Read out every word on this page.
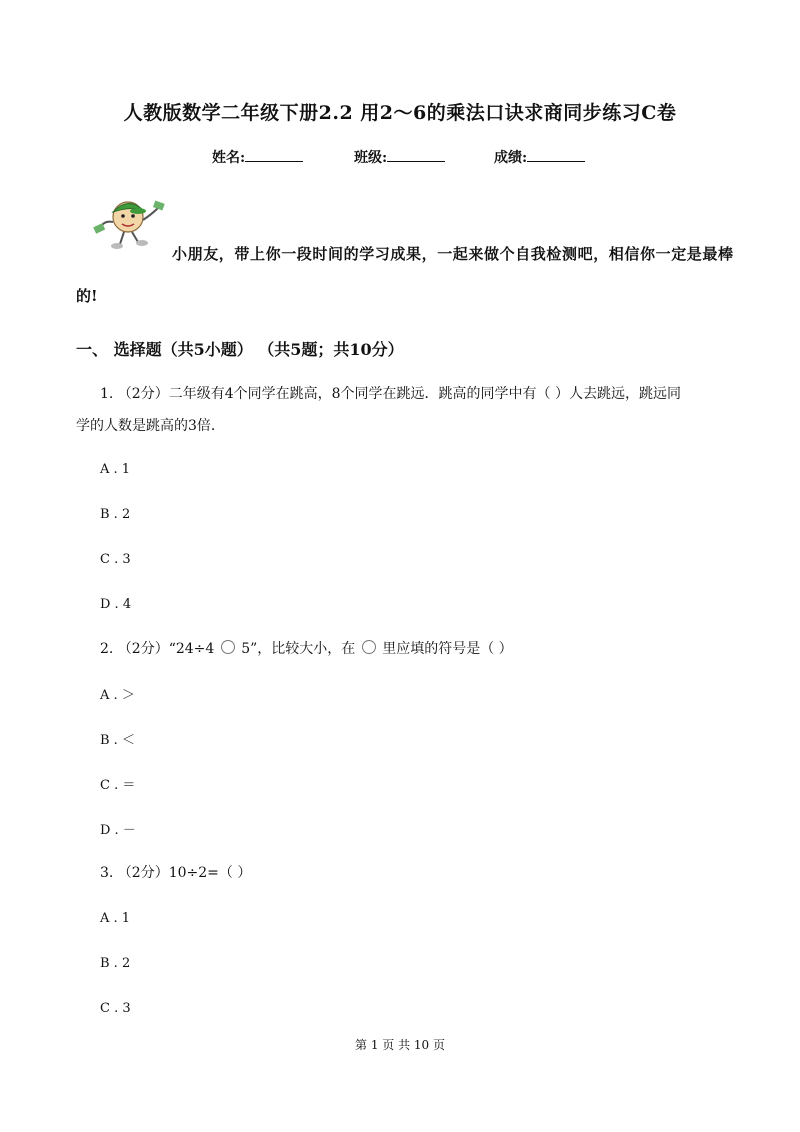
人教版数学二年级下册2.2 用2～6的乘法口诀求商同步练习C卷
姓名:	班级:	成绩:
小朋友，带上你一段时间的学习成果，一起来做个自我检测吧，相信你一定是最棒
的!
一、 选择题（共5小题） （共5题；共10分）
1. （2分）二年级有4个同学在跳高，8个同学在跳远．跳高的同学中有（ ）人去跳远，跳远同
学的人数是跳高的3倍.
A . 1
B . 2
C . 3
D . 4
2. （2分）“24÷4 5”，比较大小，在 里应填的符号是（ ）
A . ＞
B . ＜
C . ＝
D . －
3. （2分）10÷2=（ ）
A . 1
B . 2
C . 3
第 1 页 共 10 页
